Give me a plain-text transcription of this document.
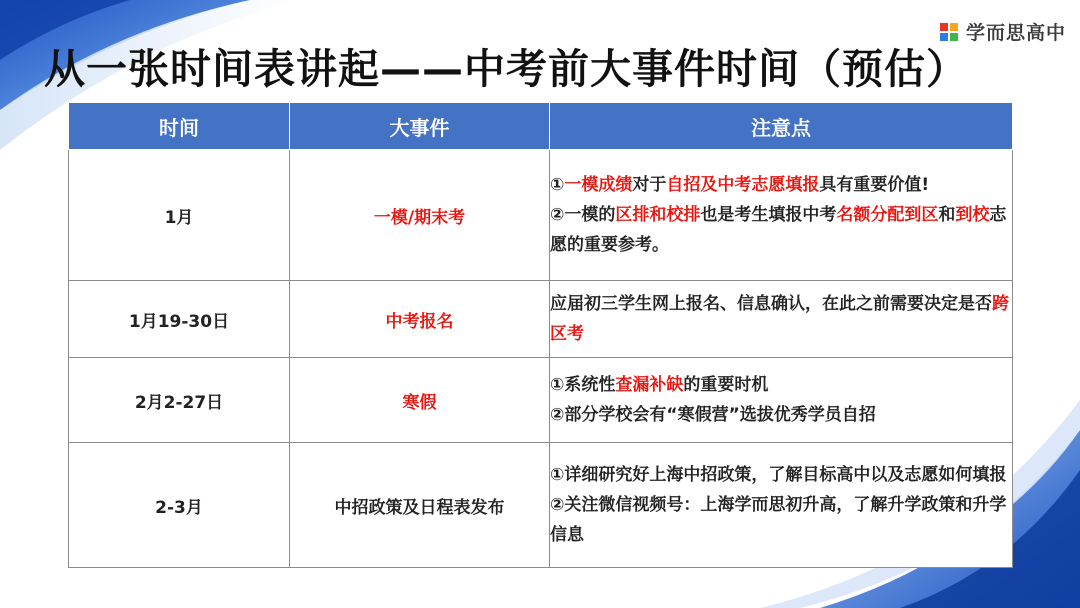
学而思高中
从一张时间表讲起——中考前大事件时间（预估）
时间	大事件	注意点
1月	一模/期末考	①一模成绩对于自招及中考志愿填报具有重要价值!
②一模的区排和校排也是考生填报中考名额分配到区和到校志愿的重要参考。

1月19-30日	中考报名	应届初三学生网上报名、信息确认，在此之前需要决定是否跨区考

2月2-27日	寒假	①系统性查漏补缺的重要时机
②部分学校会有“寒假营”选拔优秀学员自招

2-3月	中招政策及日程表发布	①详细研究好上海中招政策，了解目标高中以及志愿如何填报
②关注微信视频号：上海学而思初升高，了解升学政策和升学信息
